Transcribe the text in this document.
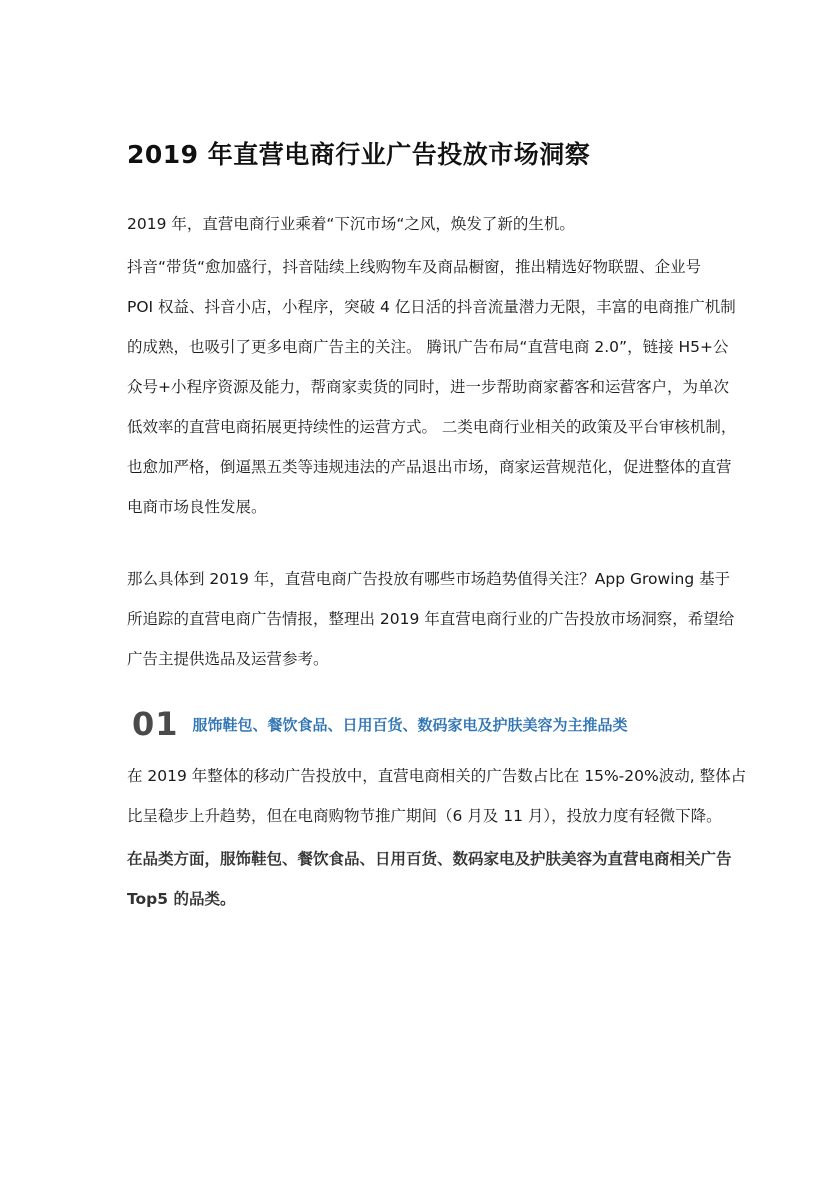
2019 年直营电商行业广告投放市场洞察
2019 年，直营电商行业乘着“下沉市场“之风，焕发了新的生机。
抖音“带货“愈加盛行，抖音陆续上线购物车及商品橱窗，推出精选好物联盟、企业号
POI 权益、抖音小店，小程序，突破 4 亿日活的抖音流量潜力无限，丰富的电商推广机制
的成熟，也吸引了更多电商广告主的关注。 腾讯广告布局“直营电商 2.0”，链接 H5+公
众号+小程序资源及能力，帮商家卖货的同时，进一步帮助商家蓄客和运营客户，为单次
低效率的直营电商拓展更持续性的运营方式。 二类电商行业相关的政策及平台审核机制，
也愈加严格，倒逼黑五类等违规违法的产品退出市场，商家运营规范化，促进整体的直营
电商市场良性发展。
那么具体到 2019 年，直营电商广告投放有哪些市场趋势值得关注？App Growing 基于
所追踪的直营电商广告情报，整理出 2019 年直营电商行业的广告投放市场洞察，希望给
广告主提供选品及运营参考。
01 服饰鞋包、餐饮食品、日用百货、数码家电及护肤美容为主推品类
在 2019 年整体的移动广告投放中，直营电商相关的广告数占比在 15%-20%波动, 整体占
比呈稳步上升趋势，但在电商购物节推广期间（6 月及 11 月），投放力度有轻微下降。
在品类方面，服饰鞋包、餐饮食品、日用百货、数码家电及护肤美容为直营电商相关广告
Top5 的品类。
